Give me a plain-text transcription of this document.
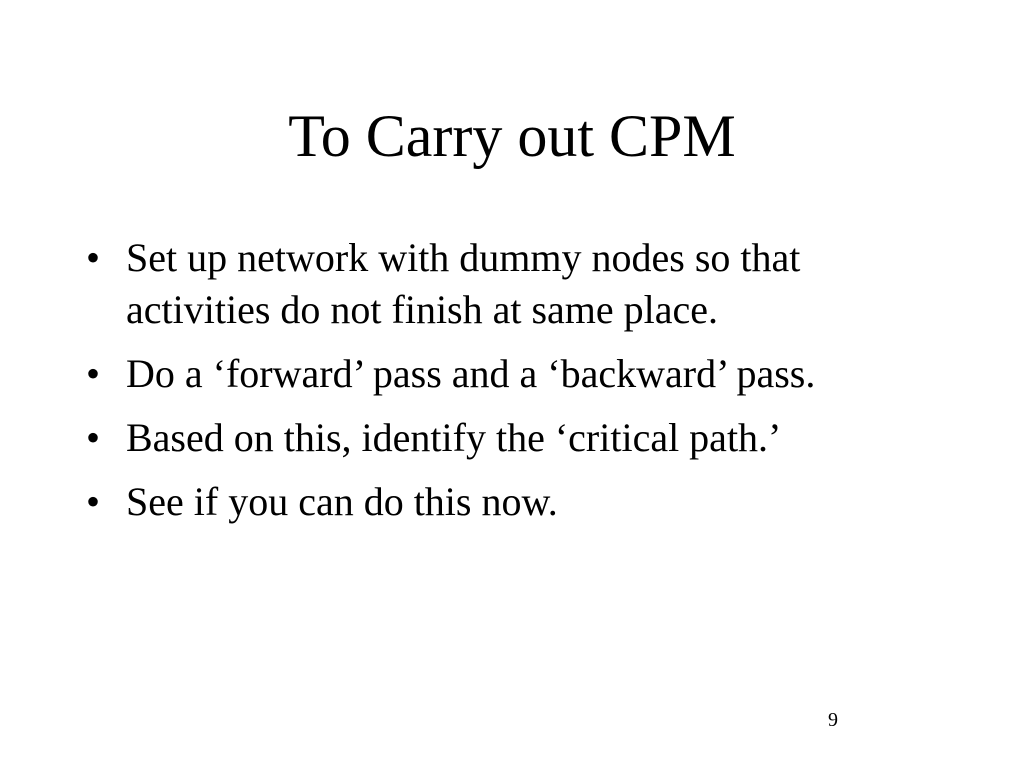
To Carry out CPM
• Set up network with dummy nodes so that activities do not finish at same place.
• Do a ‘forward’ pass and a ‘backward’ pass.
• Based on this, identify the ‘critical path.’
• See if you can do this now.
9
